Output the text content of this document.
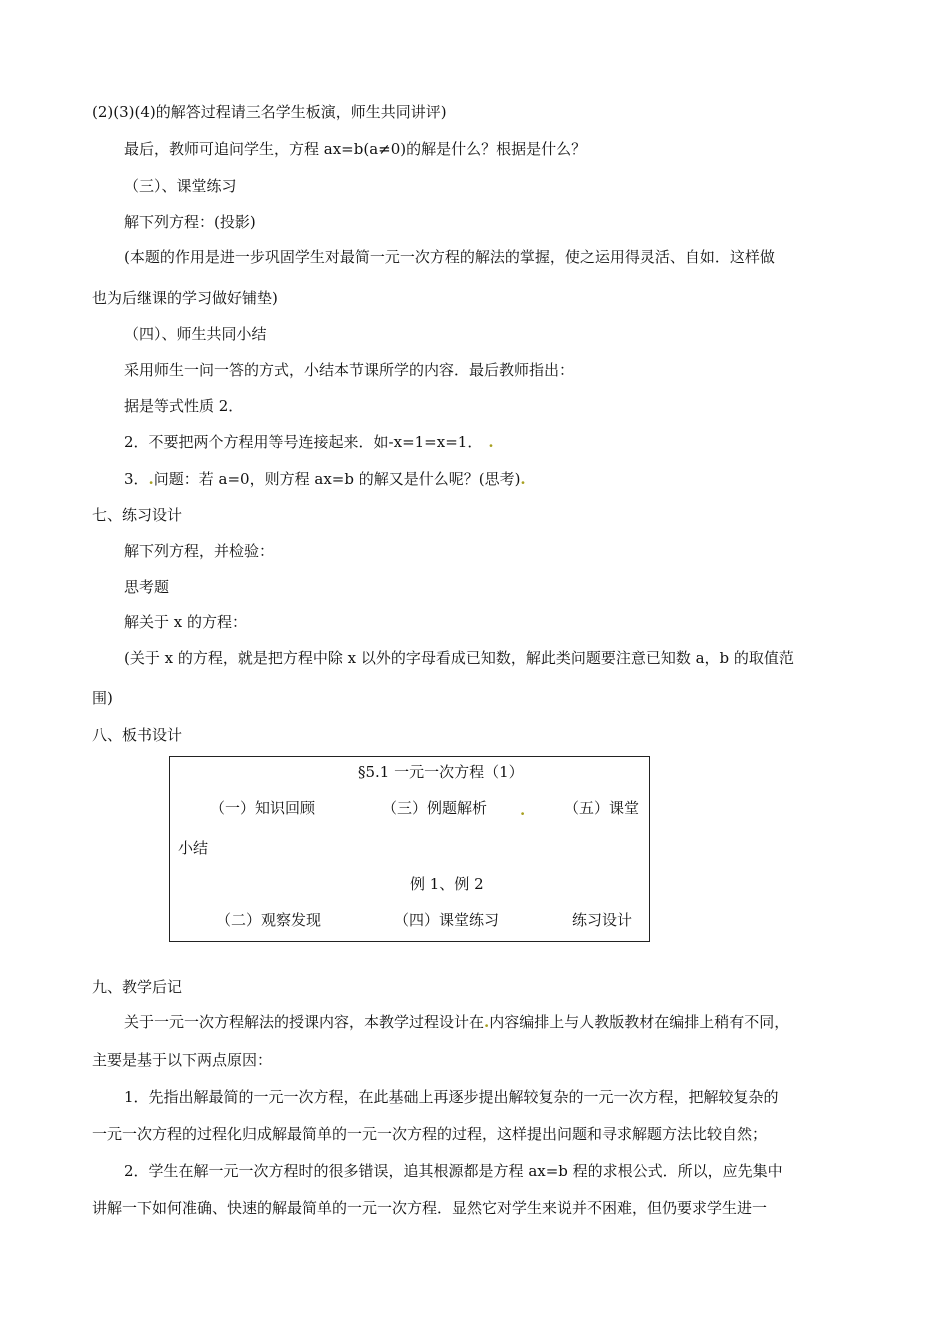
(2)(3)(4)的解答过程请三名学生板演，师生共同讲评)
最后，教师可追问学生，方程 ax=b(a≠0)的解是什么？根据是什么？
（三）、课堂练习
解下列方程：(投影)
(本题的作用是进一步巩固学生对最简一元一次方程的解法的掌握，使之运用得灵活、自如．这样做
也为后继课的学习做好铺垫)
（四）、师生共同小结
采用师生一问一答的方式，小结本节课所学的内容．最后教师指出：
据是等式性质 2．
2．不要把两个方程用等号连接起来．如-x=1=x=1． .
3．.问题：若 a=0，则方程 ax=b 的解又是什么呢？(思考).
七、练习设计
解下列方程，并检验：
思考题
解关于 x 的方程：
(关于 x 的方程，就是把方程中除 x 以外的字母看成已知数，解此类问题要注意已知数 a，b 的取值范
围)
八、板书设计
§5.1 一元一次方程（1）
（一）知识回顾	（三）例题解析 .	（五）课堂
小结
例 1、例 2
（二）观察发现	（四）课堂练习	练习设计
九、教学后记
关于一元一次方程解法的授课内容，本教学过程设计在.内容编排上与人教版教材在编排上稍有不同，
主要是基于以下两点原因：
1．先指出解最简的一元一次方程，在此基础上再逐步提出解较复杂的一元一次方程，把解较复杂的
一元一次方程的过程化归成解最简单的一元一次方程的过程，这样提出问题和寻求解题方法比较自然；
2．学生在解一元一次方程时的很多错误，追其根源都是方程 ax=b 程的求根公式．所以，应先集中
讲解一下如何准确、快速的解最简单的一元一次方程．显然它对学生来说并不困难，但仍要求学生进一
